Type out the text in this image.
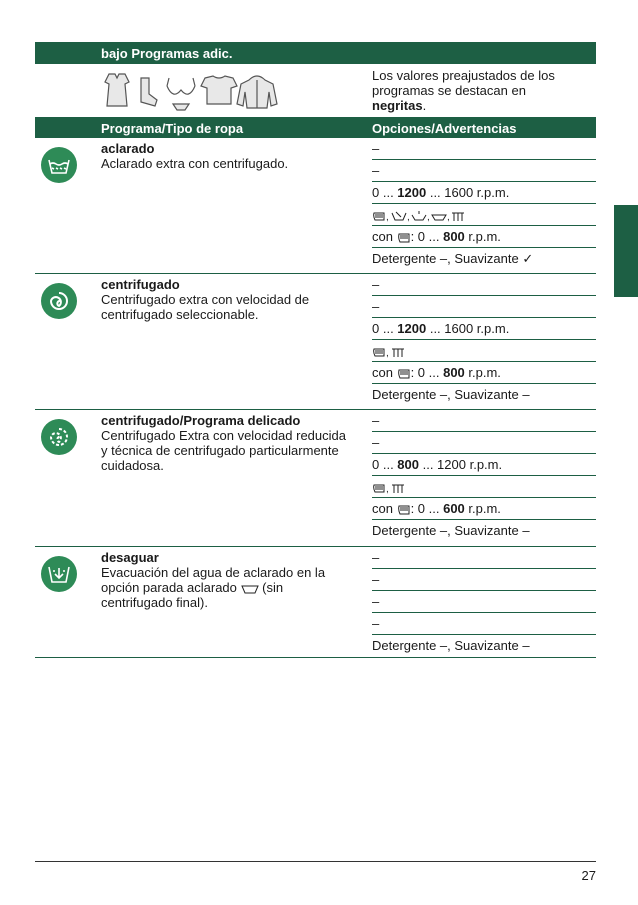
bajo Programas adic.
Los valores preajustados de los programas se destacan en negritas.
Programa/Tipo de ropa	Opciones/Advertencias
aclarado
Aclarado extra con centrifugado.
–
–
0 ... 1200 ... 1600 r.p.m.
, , , ,
con : 0 ... 800 r.p.m.
Detergente –, Suavizante ✓
centrifugado
Centrifugado extra con velocidad de centrifugado seleccionable.
–
–
0 ... 1200 ... 1600 r.p.m.
,
con : 0 ... 800 r.p.m.
Detergente –, Suavizante –
centrifugado/Programa delicado
Centrifugado Extra con velocidad reducida y técnica de centrifugado particularmente cuidadosa.
–
–
0 ... 800 ... 1200 r.p.m.
,
con : 0 ... 600 r.p.m.
Detergente –, Suavizante –
desaguar
Evacuación del agua de aclarado en la opción parada aclarado  (sin centrifugado final).
–
–
–
–
Detergente –, Suavizante –
27
